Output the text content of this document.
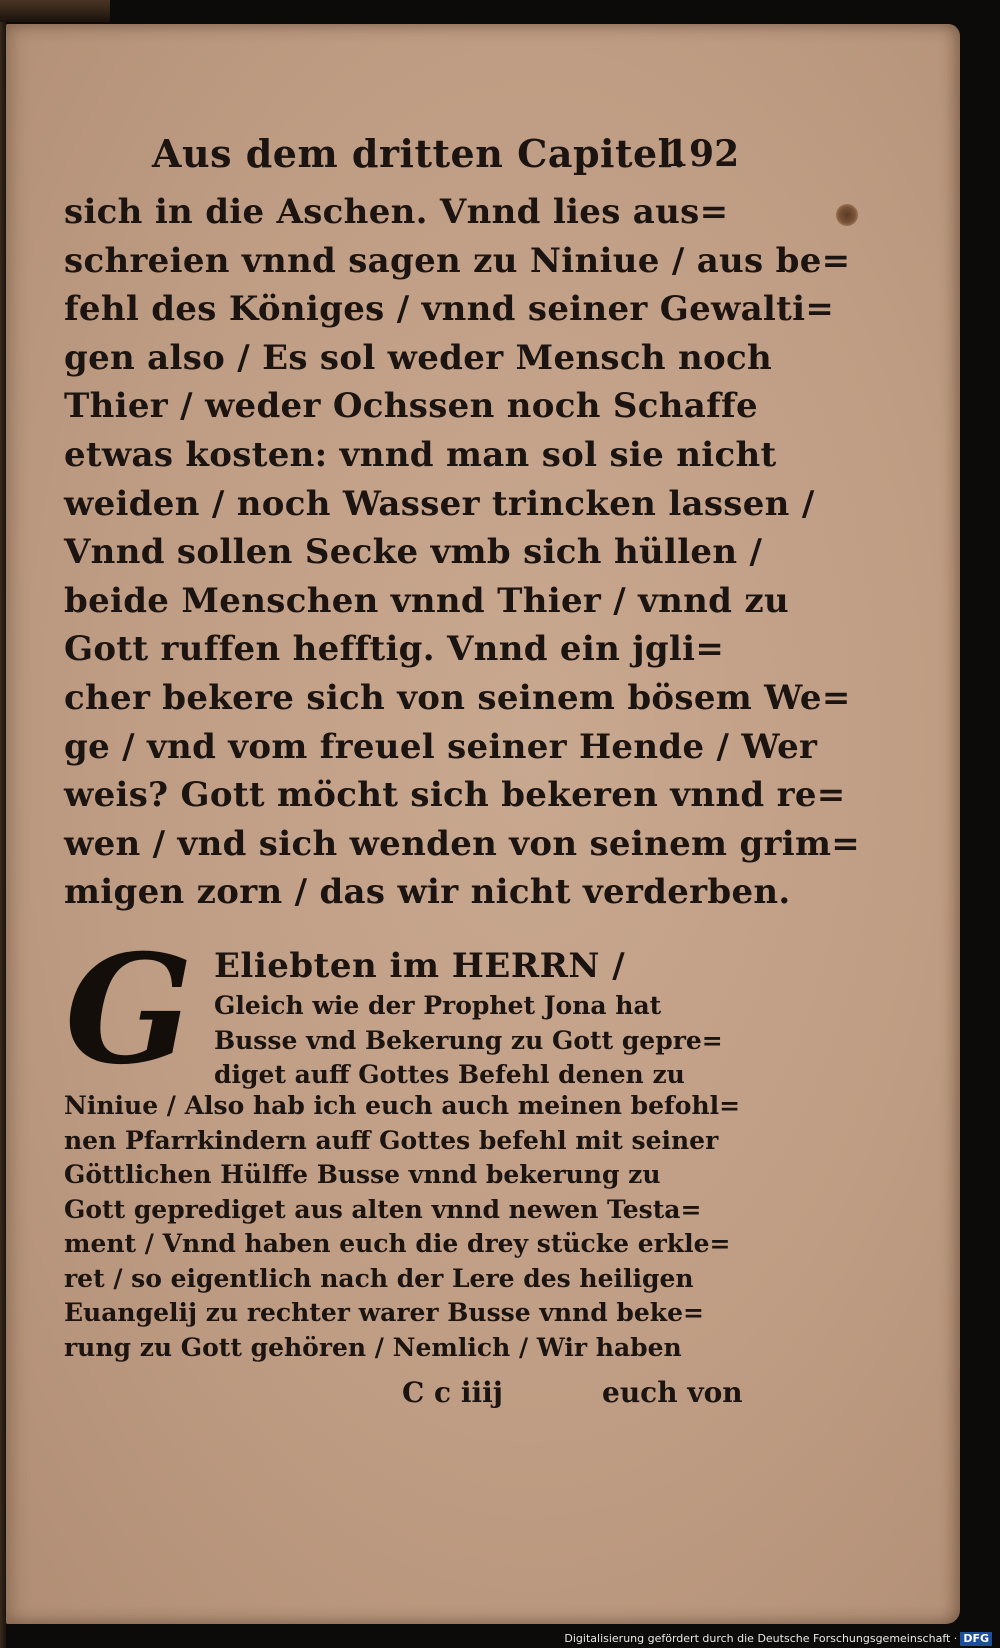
Aus dem dritten Capitel.
192
sich in die Aschen. Vnnd lies aus=
schreien vnnd sagen zu Niniue / aus be=
fehl des Königes / vnnd seiner Gewalti=
gen also / Es sol weder Mensch noch
Thier / weder Ochssen noch Schaffe
etwas kosten: vnnd man sol sie nicht
weiden / noch Wasser trincken lassen /
Vnnd sollen Secke vmb sich hüllen /
beide Menschen vnnd Thier / vnnd zu
Gott ruffen hefftig. Vnnd ein jgli=
cher bekere sich von seinem bösem We=
ge / vnd vom freuel seiner Hende / Wer
weis? Gott möcht sich bekeren vnnd re=
wen / vnd sich wenden von seinem grim=
migen zorn / das wir nicht verderben.
G Eliebten im HERRN /
Gleich wie der Prophet Jona hat
Busse vnd Bekerung zu Gott gepre=
diget auff Gottes Befehl denen zu
Niniue / Also hab ich euch auch meinen befohl=
nen Pfarrkindern auff Gottes befehl mit seiner
Göttlichen Hülffe Busse vnnd bekerung zu
Gott geprediget aus alten vnnd newen Testa=
ment / Vnnd haben euch die drey stücke erkle=
ret / so eigentlich nach der Lere des heiligen
Euangelij zu rechter warer Busse vnnd beke=
rung zu Gott gehören / Nemlich / Wir haben
C c iiij	euch von
Digitalisierung gefördert durch die Deutsche Forschungsgemeinschaft · DFG
